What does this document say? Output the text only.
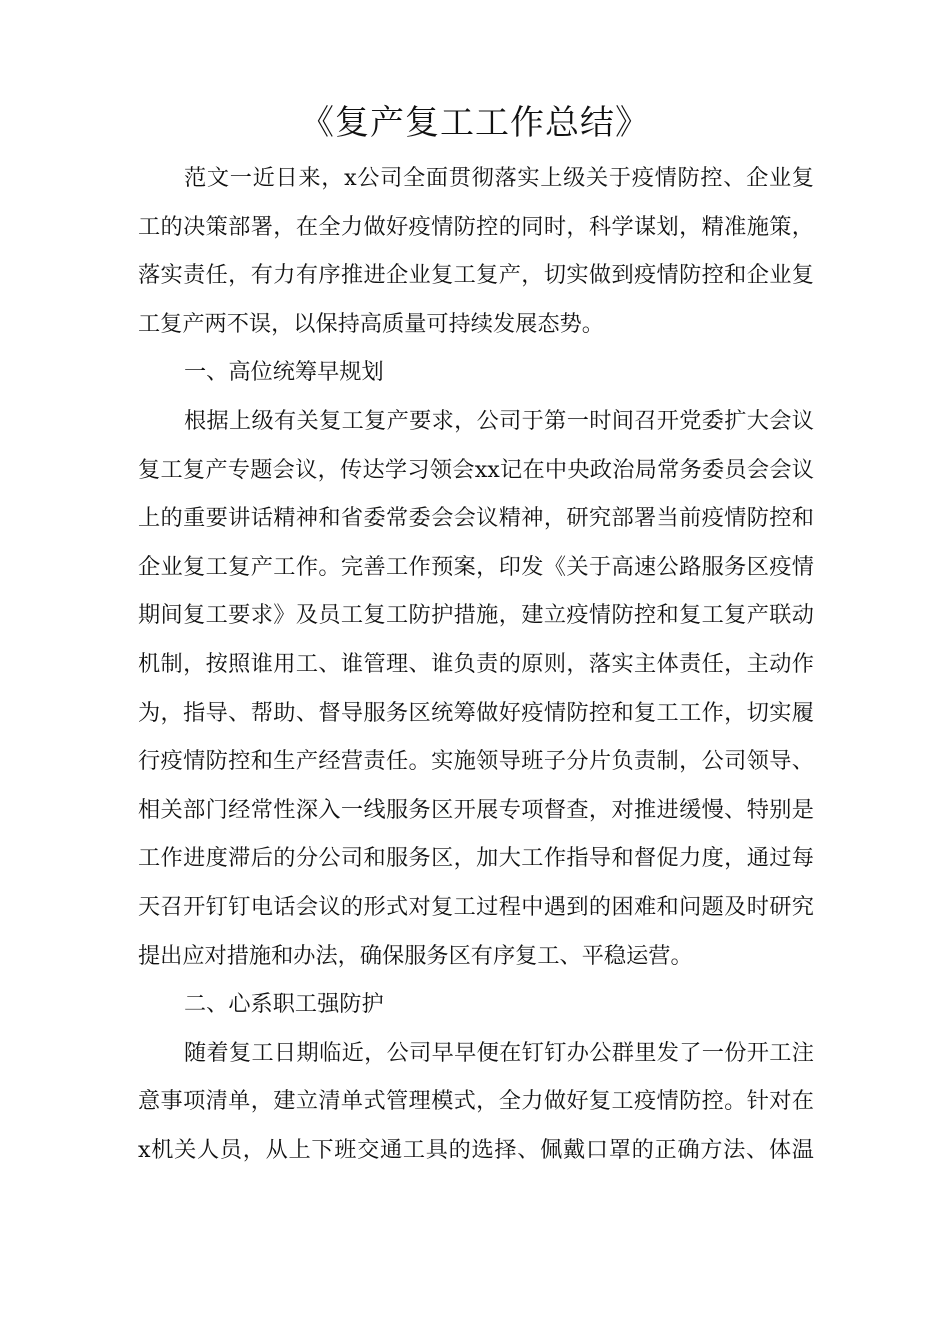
《复产复工工作总结》
范文一近日来，x公司全面贯彻落实上级关于疫情防控、企业复
工的决策部署，在全力做好疫情防控的同时，科学谋划，精准施策，
落实责任，有力有序推进企业复工复产，切实做到疫情防控和企业复
工复产两不误，以保持高质量可持续发展态势。
一、高位统筹早规划
根据上级有关复工复产要求，公司于第一时间召开党委扩大会议
复工复产专题会议，传达学习领会xx记在中央政治局常务委员会会议
上的重要讲话精神和省委常委会会议精神，研究部署当前疫情防控和
企业复工复产工作。完善工作预案，印发《关于高速公路服务区疫情
期间复工要求》及员工复工防护措施，建立疫情防控和复工复产联动
机制，按照谁用工、谁管理、谁负责的原则，落实主体责任，主动作
为，指导、帮助、督导服务区统筹做好疫情防控和复工工作，切实履
行疫情防控和生产经营责任。实施领导班子分片负责制，公司领导、
相关部门经常性深入一线服务区开展专项督查，对推进缓慢、特别是
工作进度滞后的分公司和服务区，加大工作指导和督促力度，通过每
天召开钉钉电话会议的形式对复工过程中遇到的困难和问题及时研究
提出应对措施和办法，确保服务区有序复工、平稳运营。
二、心系职工强防护
随着复工日期临近，公司早早便在钉钉办公群里发了一份开工注
意事项清单，建立清单式管理模式，全力做好复工疫情防控。针对在
x机关人员，从上下班交通工具的选择、佩戴口罩的正确方法、体温
